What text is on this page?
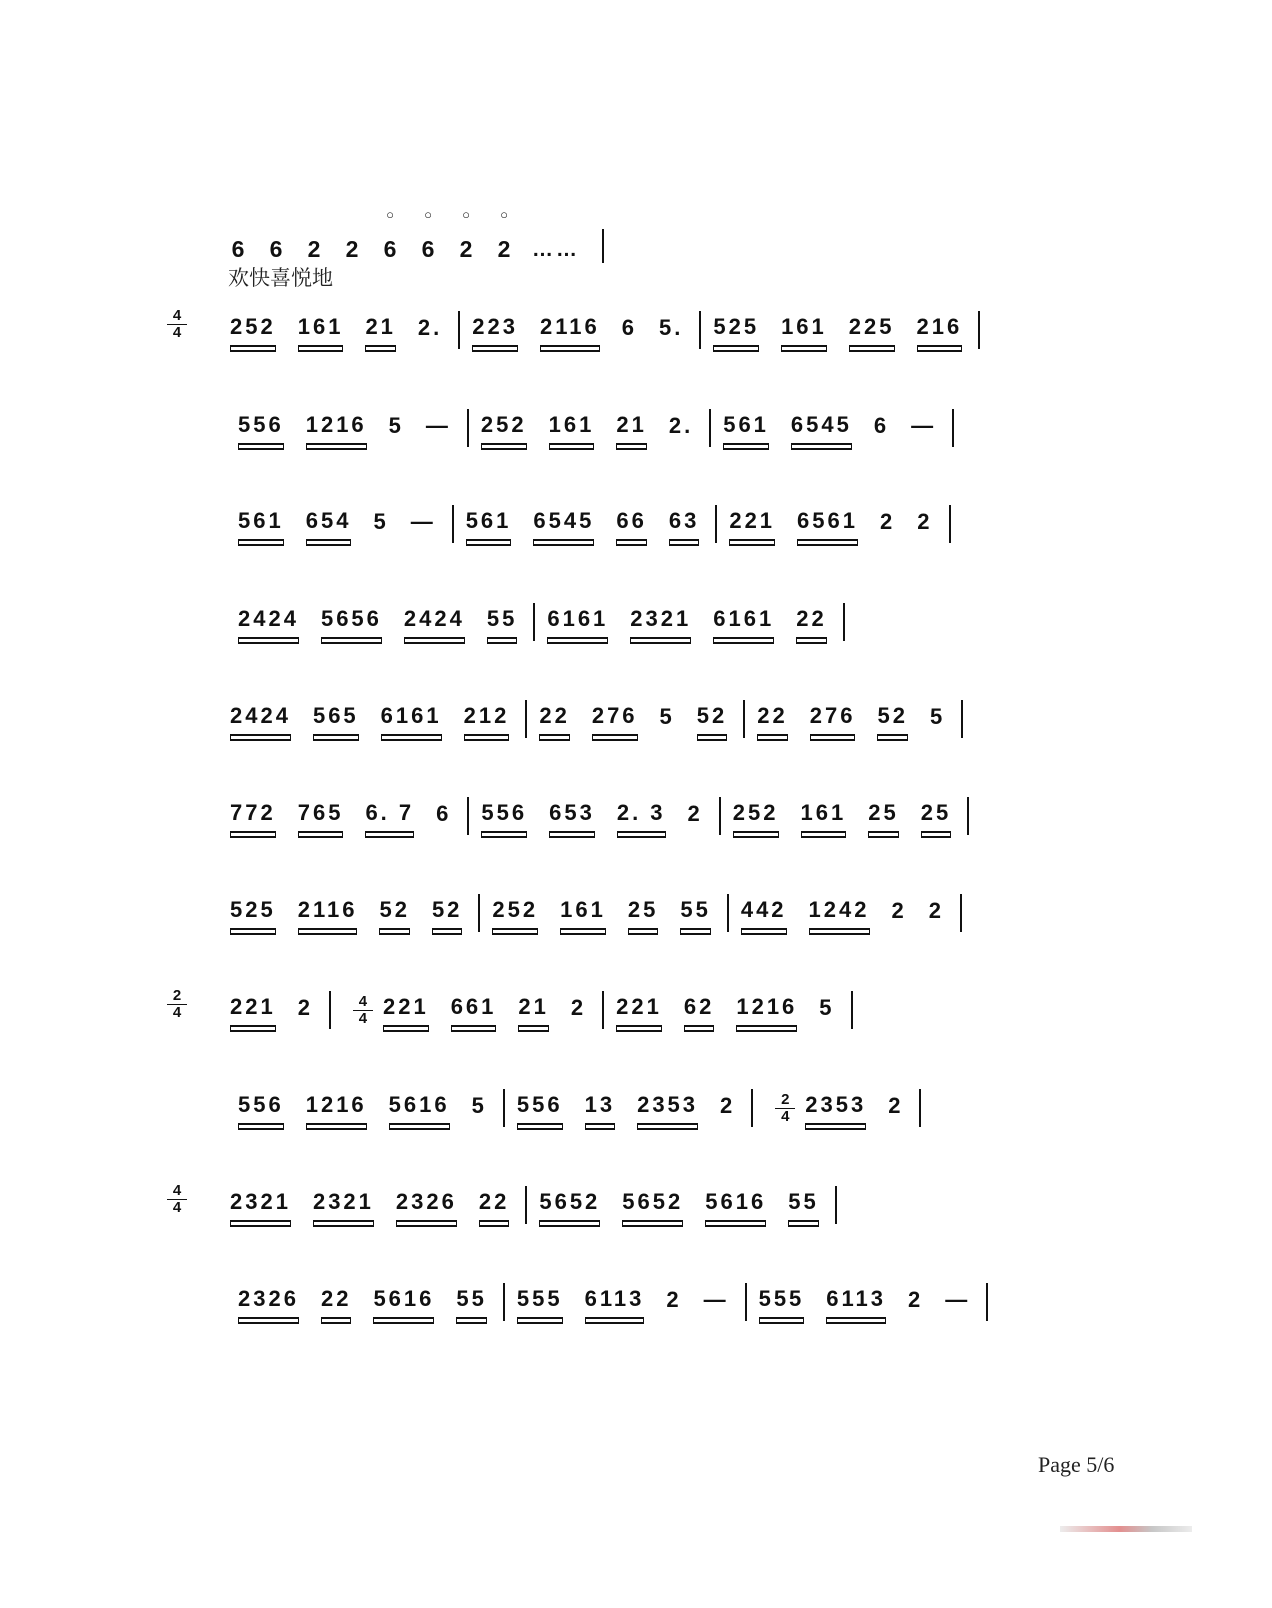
6 6 2 2
○
6
○
6
○
2
○
2 ……
欢快喜悦地
4
4 252 161 21 2. 223 2116 6 5. 525 161 225 216
556 1216 5 — 252 161 21 2. 561 6545 6 —
561 654 5 — 561 6545 66 63 221 6561 2 2
2424 5656 2424 55 6161 2321 6161 22
2424 565 6161 212 22 276 5 52 22 276 52 5
772 765 6. 7 6 556 653 2. 3 2 252 161 25 25
525 2116 52 52 252 161 25 55 442 1242 2 2
2
4 221 2	4
4 221 661 21 2 221 62 1216 5
556 1216 5616 5 556 13 2353 2	2
4 2353 2
4
4 2321 2321 2326 22 5652 5652 5616 55
2326 22 5616 55 555 6113 2 — 555 6113 2 —
Page 5/6
